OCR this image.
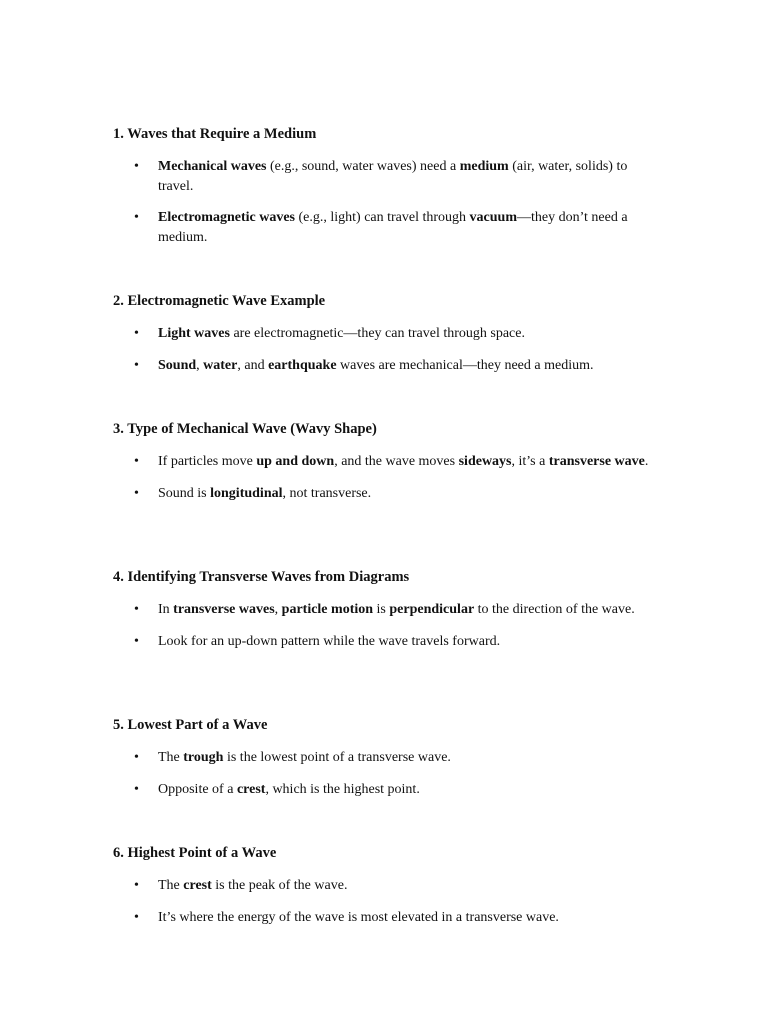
1. Waves that Require a Medium
• Mechanical waves (e.g., sound, water waves) need a medium (air, water, solids) to travel.
• Electromagnetic waves (e.g., light) can travel through vacuum—they don’t need a medium.
2. Electromagnetic Wave Example
• Light waves are electromagnetic—they can travel through space.
• Sound, water, and earthquake waves are mechanical—they need a medium.
3. Type of Mechanical Wave (Wavy Shape)
• If particles move up and down, and the wave moves sideways, it’s a transverse wave.
• Sound is longitudinal, not transverse.
4. Identifying Transverse Waves from Diagrams
• In transverse waves, particle motion is perpendicular to the direction of the wave.
• Look for an up-down pattern while the wave travels forward.
5. Lowest Part of a Wave
• The trough is the lowest point of a transverse wave.
• Opposite of a crest, which is the highest point.
6. Highest Point of a Wave
• The crest is the peak of the wave.
• It’s where the energy of the wave is most elevated in a transverse wave.
